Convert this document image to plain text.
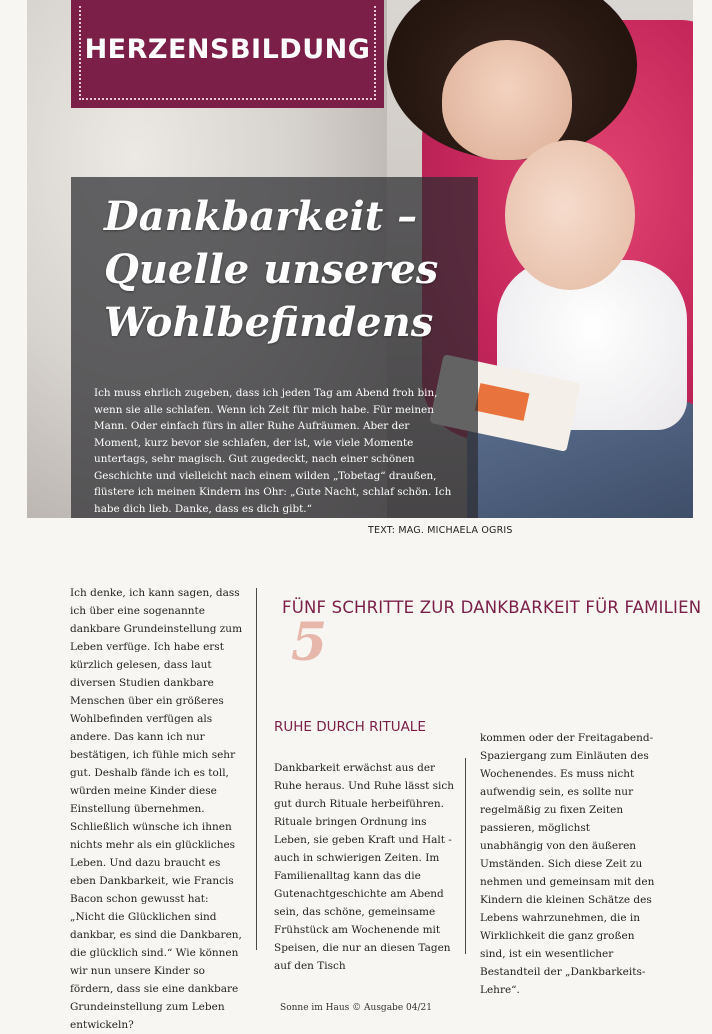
HERZENSBILDUNG
Dankbarkeit –
Quelle unseres
Wohlbefindens
Ich muss ehrlich zugeben, dass ich jeden Tag am Abend froh bin, wenn sie alle schlafen. Wenn ich Zeit für mich habe. Für meinen Mann. Oder einfach fürs in aller Ruhe Aufräumen. Aber der Moment, kurz bevor sie schlafen, der ist, wie viele Momente untertags, sehr magisch. Gut zugedeckt, nach einer schönen Geschichte und vielleicht nach einem wilden „Tobetag“ draußen, flüstere ich meinen Kindern ins Ohr: „Gute Nacht, schlaf schön. Ich habe dich lieb. Danke, dass es dich gibt.“
TEXT: MAG. MICHAELA OGRIS
Ich denke, ich kann sagen, dass ich über eine sogenannte dankbare Grundeinstellung zum Leben verfüge. Ich habe erst kürzlich gelesen, dass laut diversen Studien dankbare Menschen über ein größeres Wohlbefinden verfügen als andere. Das kann ich nur bestätigen, ich fühle mich sehr gut. Deshalb fände ich es toll, würden meine Kinder diese Einstellung übernehmen. Schließlich wünsche ich ihnen nichts mehr als ein glückliches Leben. Und dazu braucht es eben Dankbarkeit, wie Francis Bacon schon gewusst hat: „Nicht die Glücklichen sind dankbar, es sind die Dankbaren, die glücklich sind.“ Wie können wir nun unsere Kinder so fördern, dass sie eine dankbare Grundeinstellung zum Leben entwickeln?
FÜNF SCHRITTE ZUR DANKBARKEIT FÜR FAMILIEN
5
RUHE DURCH RITUALE
Dankbarkeit erwächst aus der Ruhe heraus. Und Ruhe lässt sich gut durch Rituale herbeiführen. Rituale bringen Ordnung ins Leben, sie geben Kraft und Halt - auch in schwierigen Zeiten. Im Familienalltag kann das die Gutenachtgeschichte am Abend sein, das schöne, gemeinsame Frühstück am Wochenende mit Speisen, die nur an diesen Tagen auf den Tisch
kommen oder der Freitagabend-Spaziergang zum Einläuten des Wochenendes. Es muss nicht aufwendig sein, es sollte nur regelmäßig zu fixen Zeiten passieren, möglichst unabhängig von den äußeren Umständen. Sich diese Zeit zu nehmen und gemeinsam mit den Kindern die kleinen Schätze des Lebens wahrzunehmen, die in Wirklichkeit die ganz großen sind, ist ein wesentlicher Bestandteil der „Dankbarkeits-Lehre“.
Sonne im Haus © Ausgabe 04/21
